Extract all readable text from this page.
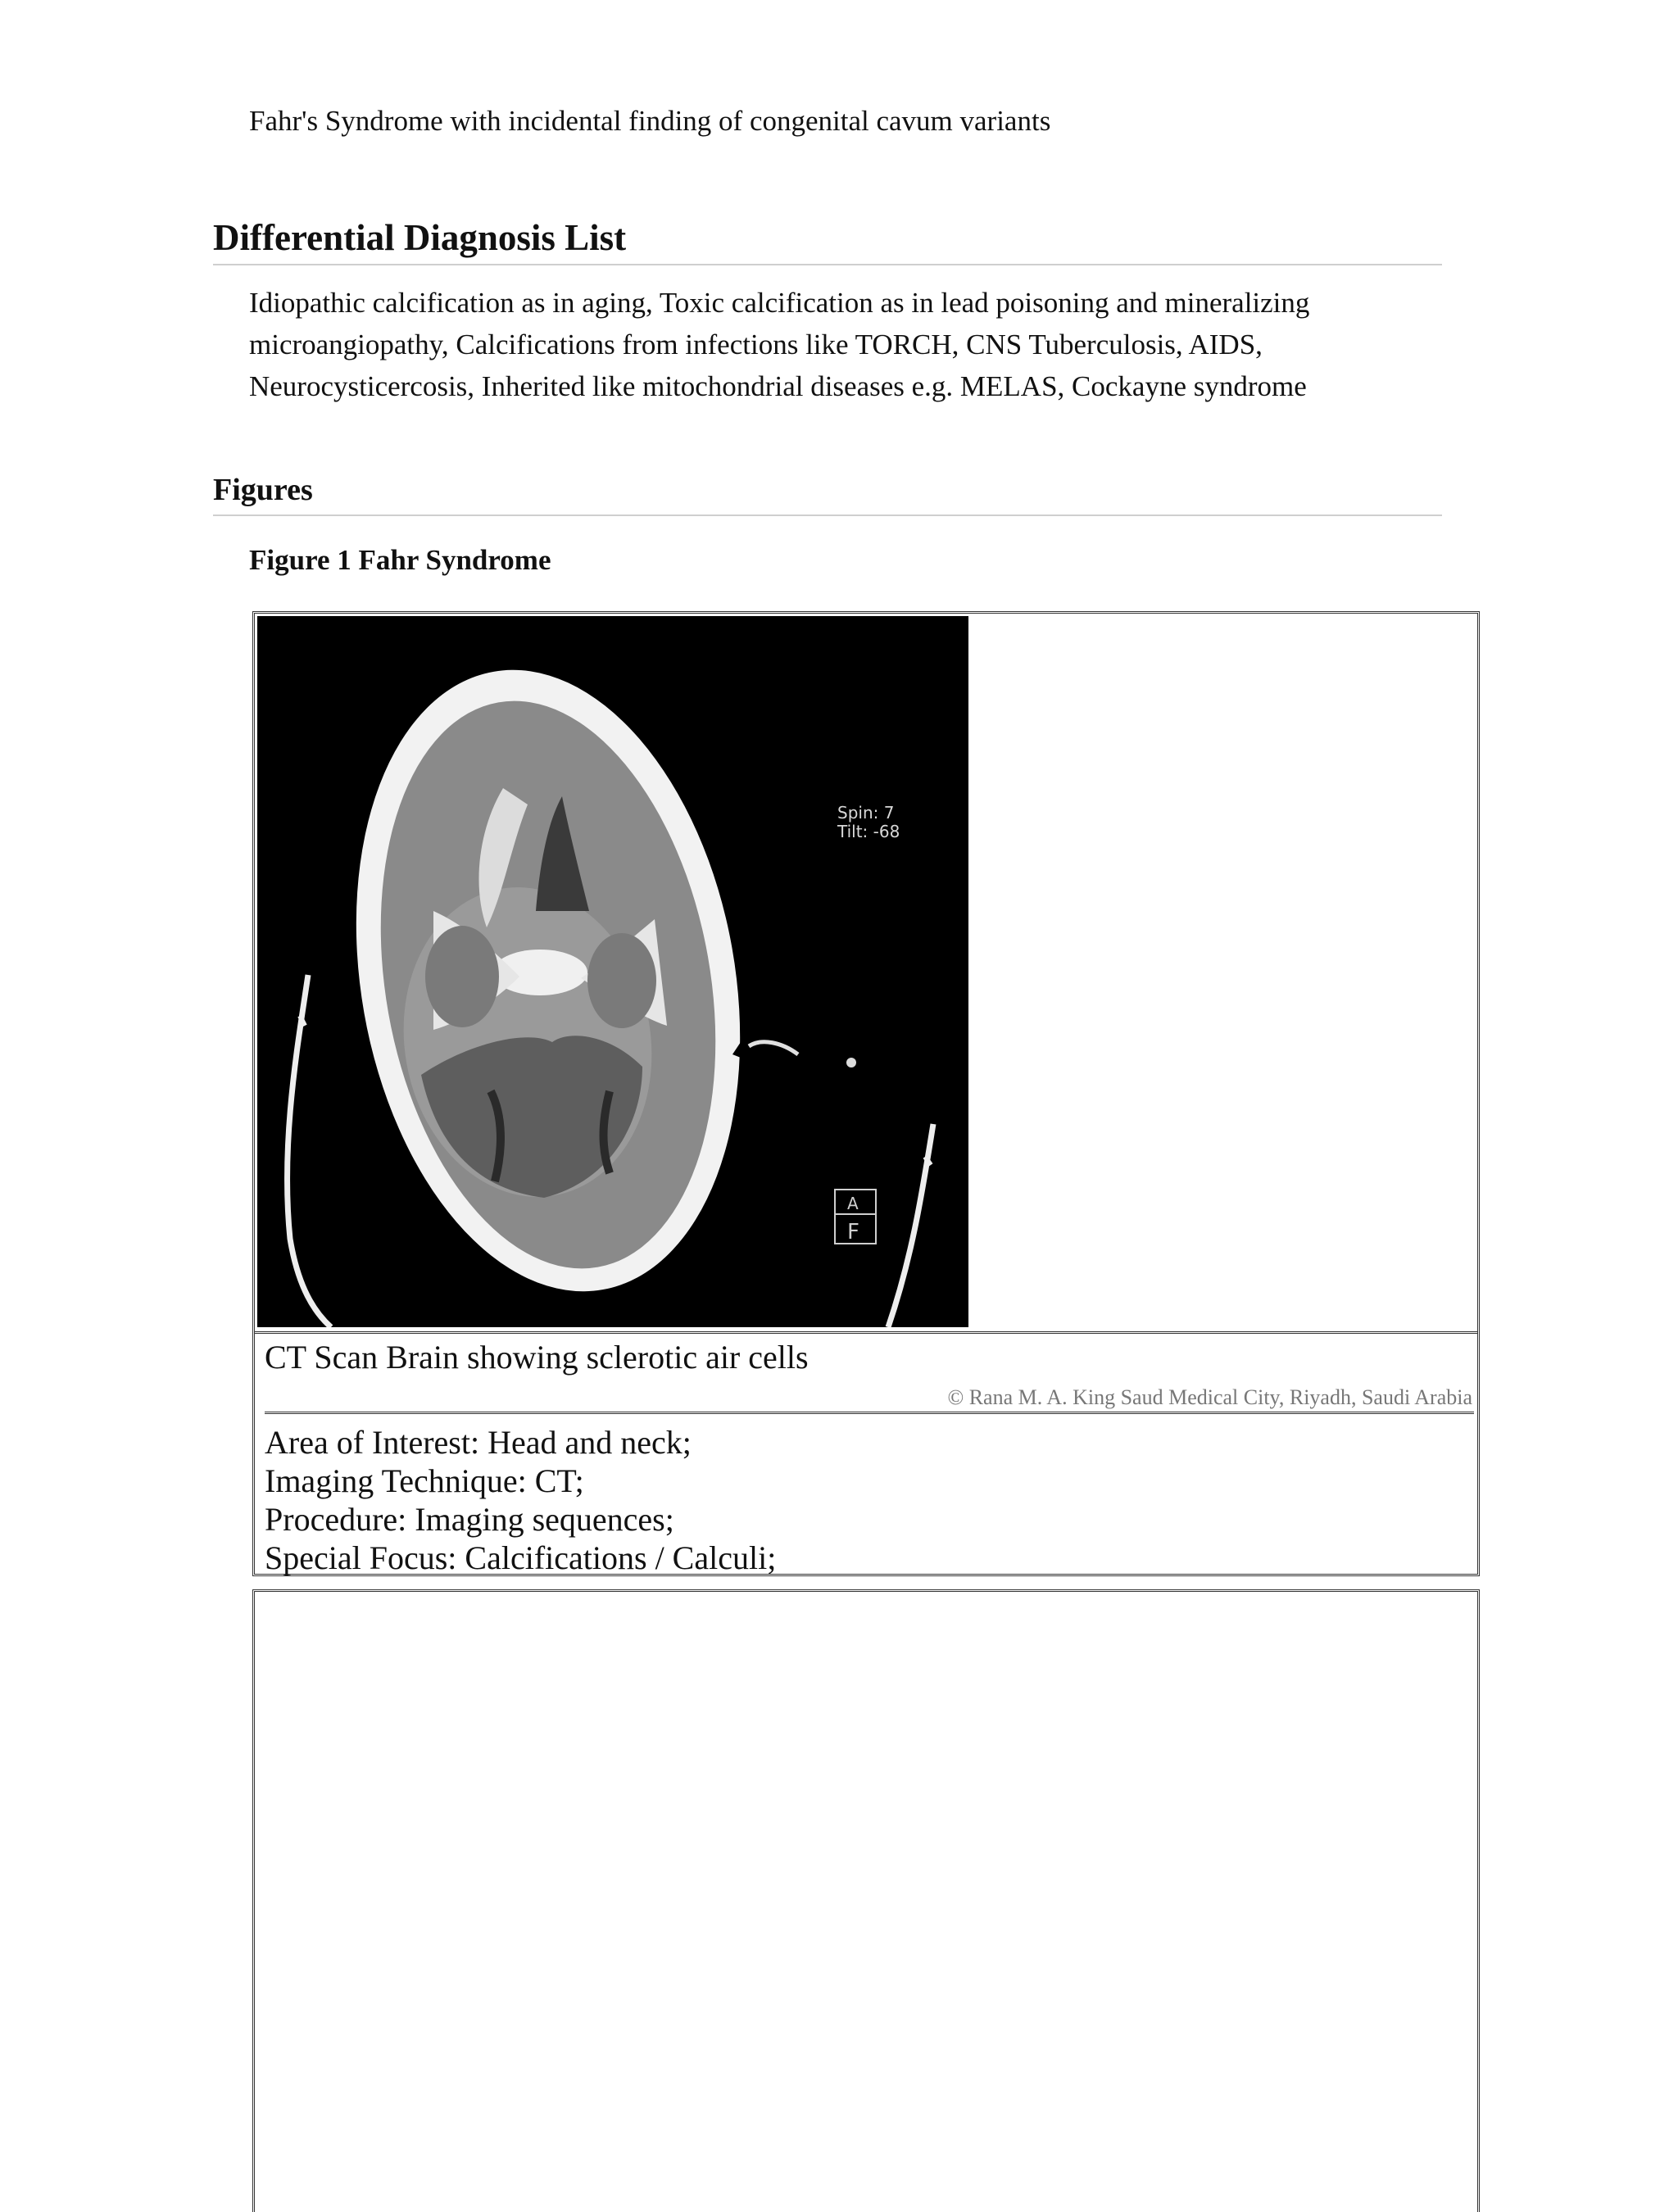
Fahr's Syndrome with incidental finding of congenital cavum variants

Differential Diagnosis List
Idiopathic calcification as in aging, Toxic calcification as in lead poisoning and mineralizing
microangiopathy, Calcifications from infections like TORCH, CNS Tuberculosis, AIDS,
Neurocysticercosis, Inherited like mitochondrial diseases e.g. MELAS, Cockayne syndrome
Figures

Figure 1 Fahr Syndrome

Spin: 7
Tilt: -68
A
F

CT Scan Brain showing sclerotic air cells

© Rana M. A. King Saud Medical City, Riyadh, Saudi Arabia

Area of Interest: Head and neck;
Imaging Technique: CT;
Procedure: Imaging sequences;
Special Focus: Calcifications / Calculi;
